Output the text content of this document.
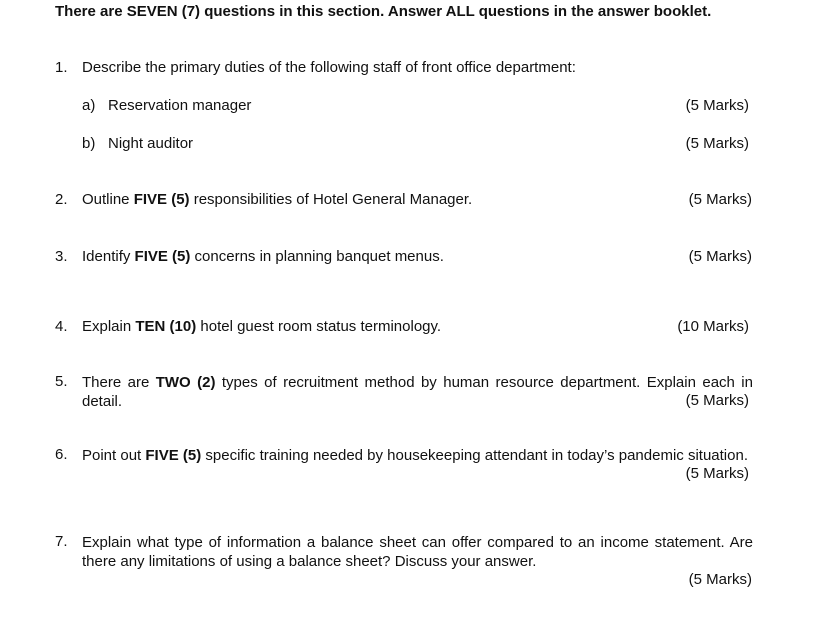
There are SEVEN (7) questions in this section. Answer ALL questions in the answer booklet.
1. Describe the primary duties of the following staff of front office department:
a) Reservation manager	(5 Marks)
b) Night auditor	(5 Marks)
2. Outline FIVE (5) responsibilities of Hotel General Manager.	(5 Marks)
3. Identify FIVE (5) concerns in planning banquet menus.	(5 Marks)
4. Explain TEN (10) hotel guest room status terminology.	(10 Marks)
5. There are TWO (2) types of recruitment method by human resource department. Explain each in detail.	(5 Marks)
6. Point out FIVE (5) specific training needed by housekeeping attendant in today’s pandemic situation.
(5 Marks)
7. Explain what type of information a balance sheet can offer compared to an income statement. Are there any limitations of using a balance sheet? Discuss your answer.
(5 Marks)
